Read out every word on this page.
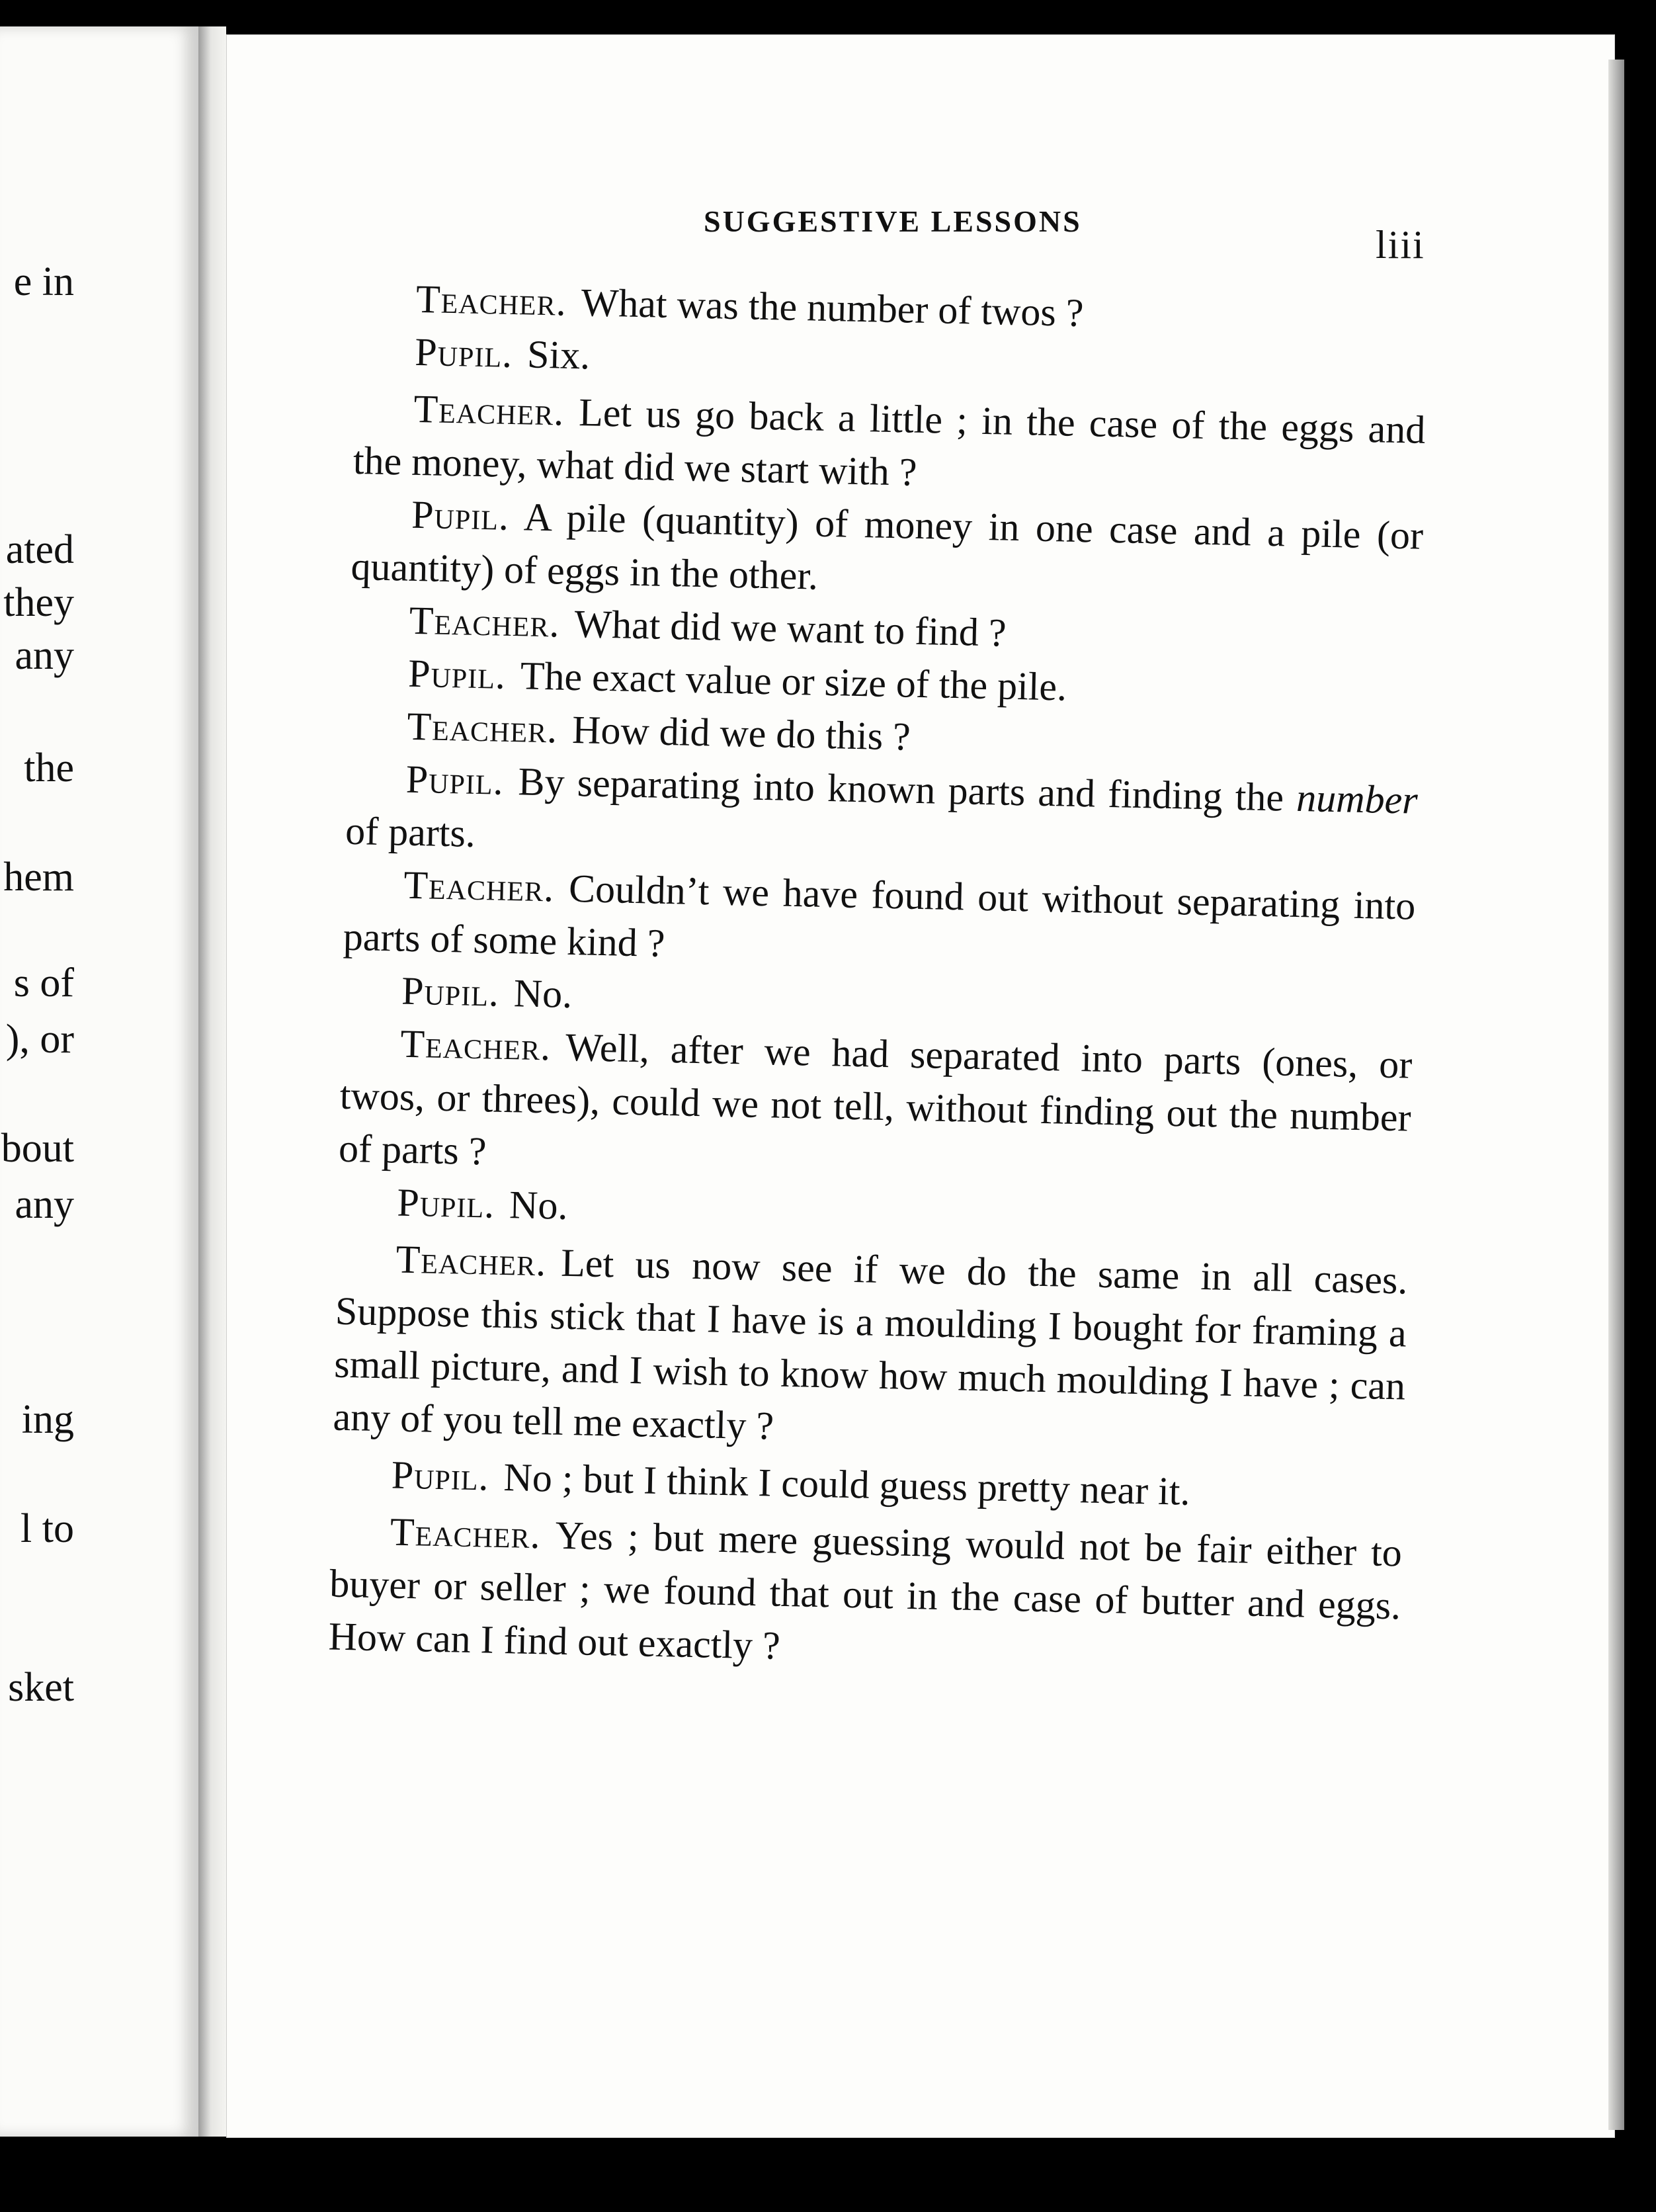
e in
ated
they
any
the
hem
s of
), or
bout
any
ing
l to
sket
SUGGESTIVE LESSONS
liii

Teacher. What was the number of twos ?

Pupil. Six.

Teacher. Let us go back a little ; in the case of the eggs and the money, what did we start with ?

Pupil. A pile (quantity) of money in one case and a pile (or quantity) of eggs in the other.

Teacher. What did we want to find ?

Pupil. The exact value or size of the pile.

Teacher. How did we do this ?

Pupil. By separating into known parts and finding the number of parts.

Teacher. Couldn’t we have found out without separating into parts of some kind ?

Pupil. No.

Teacher. Well, after we had separated into parts (ones, or twos, or threes), could we not tell, without finding out the number of parts ?

Pupil. No.

Teacher. Let us now see if we do the same in all cases. Suppose this stick that I have is a moulding I bought for framing a small picture, and I wish to know how much moulding I have ; can any of you tell me exactly ?

Pupil. No ; but I think I could guess pretty near it.

Teacher. Yes ; but mere guessing would not be fair either to buyer or seller ; we found that out in the case of butter and eggs. How can I find out exactly ?
